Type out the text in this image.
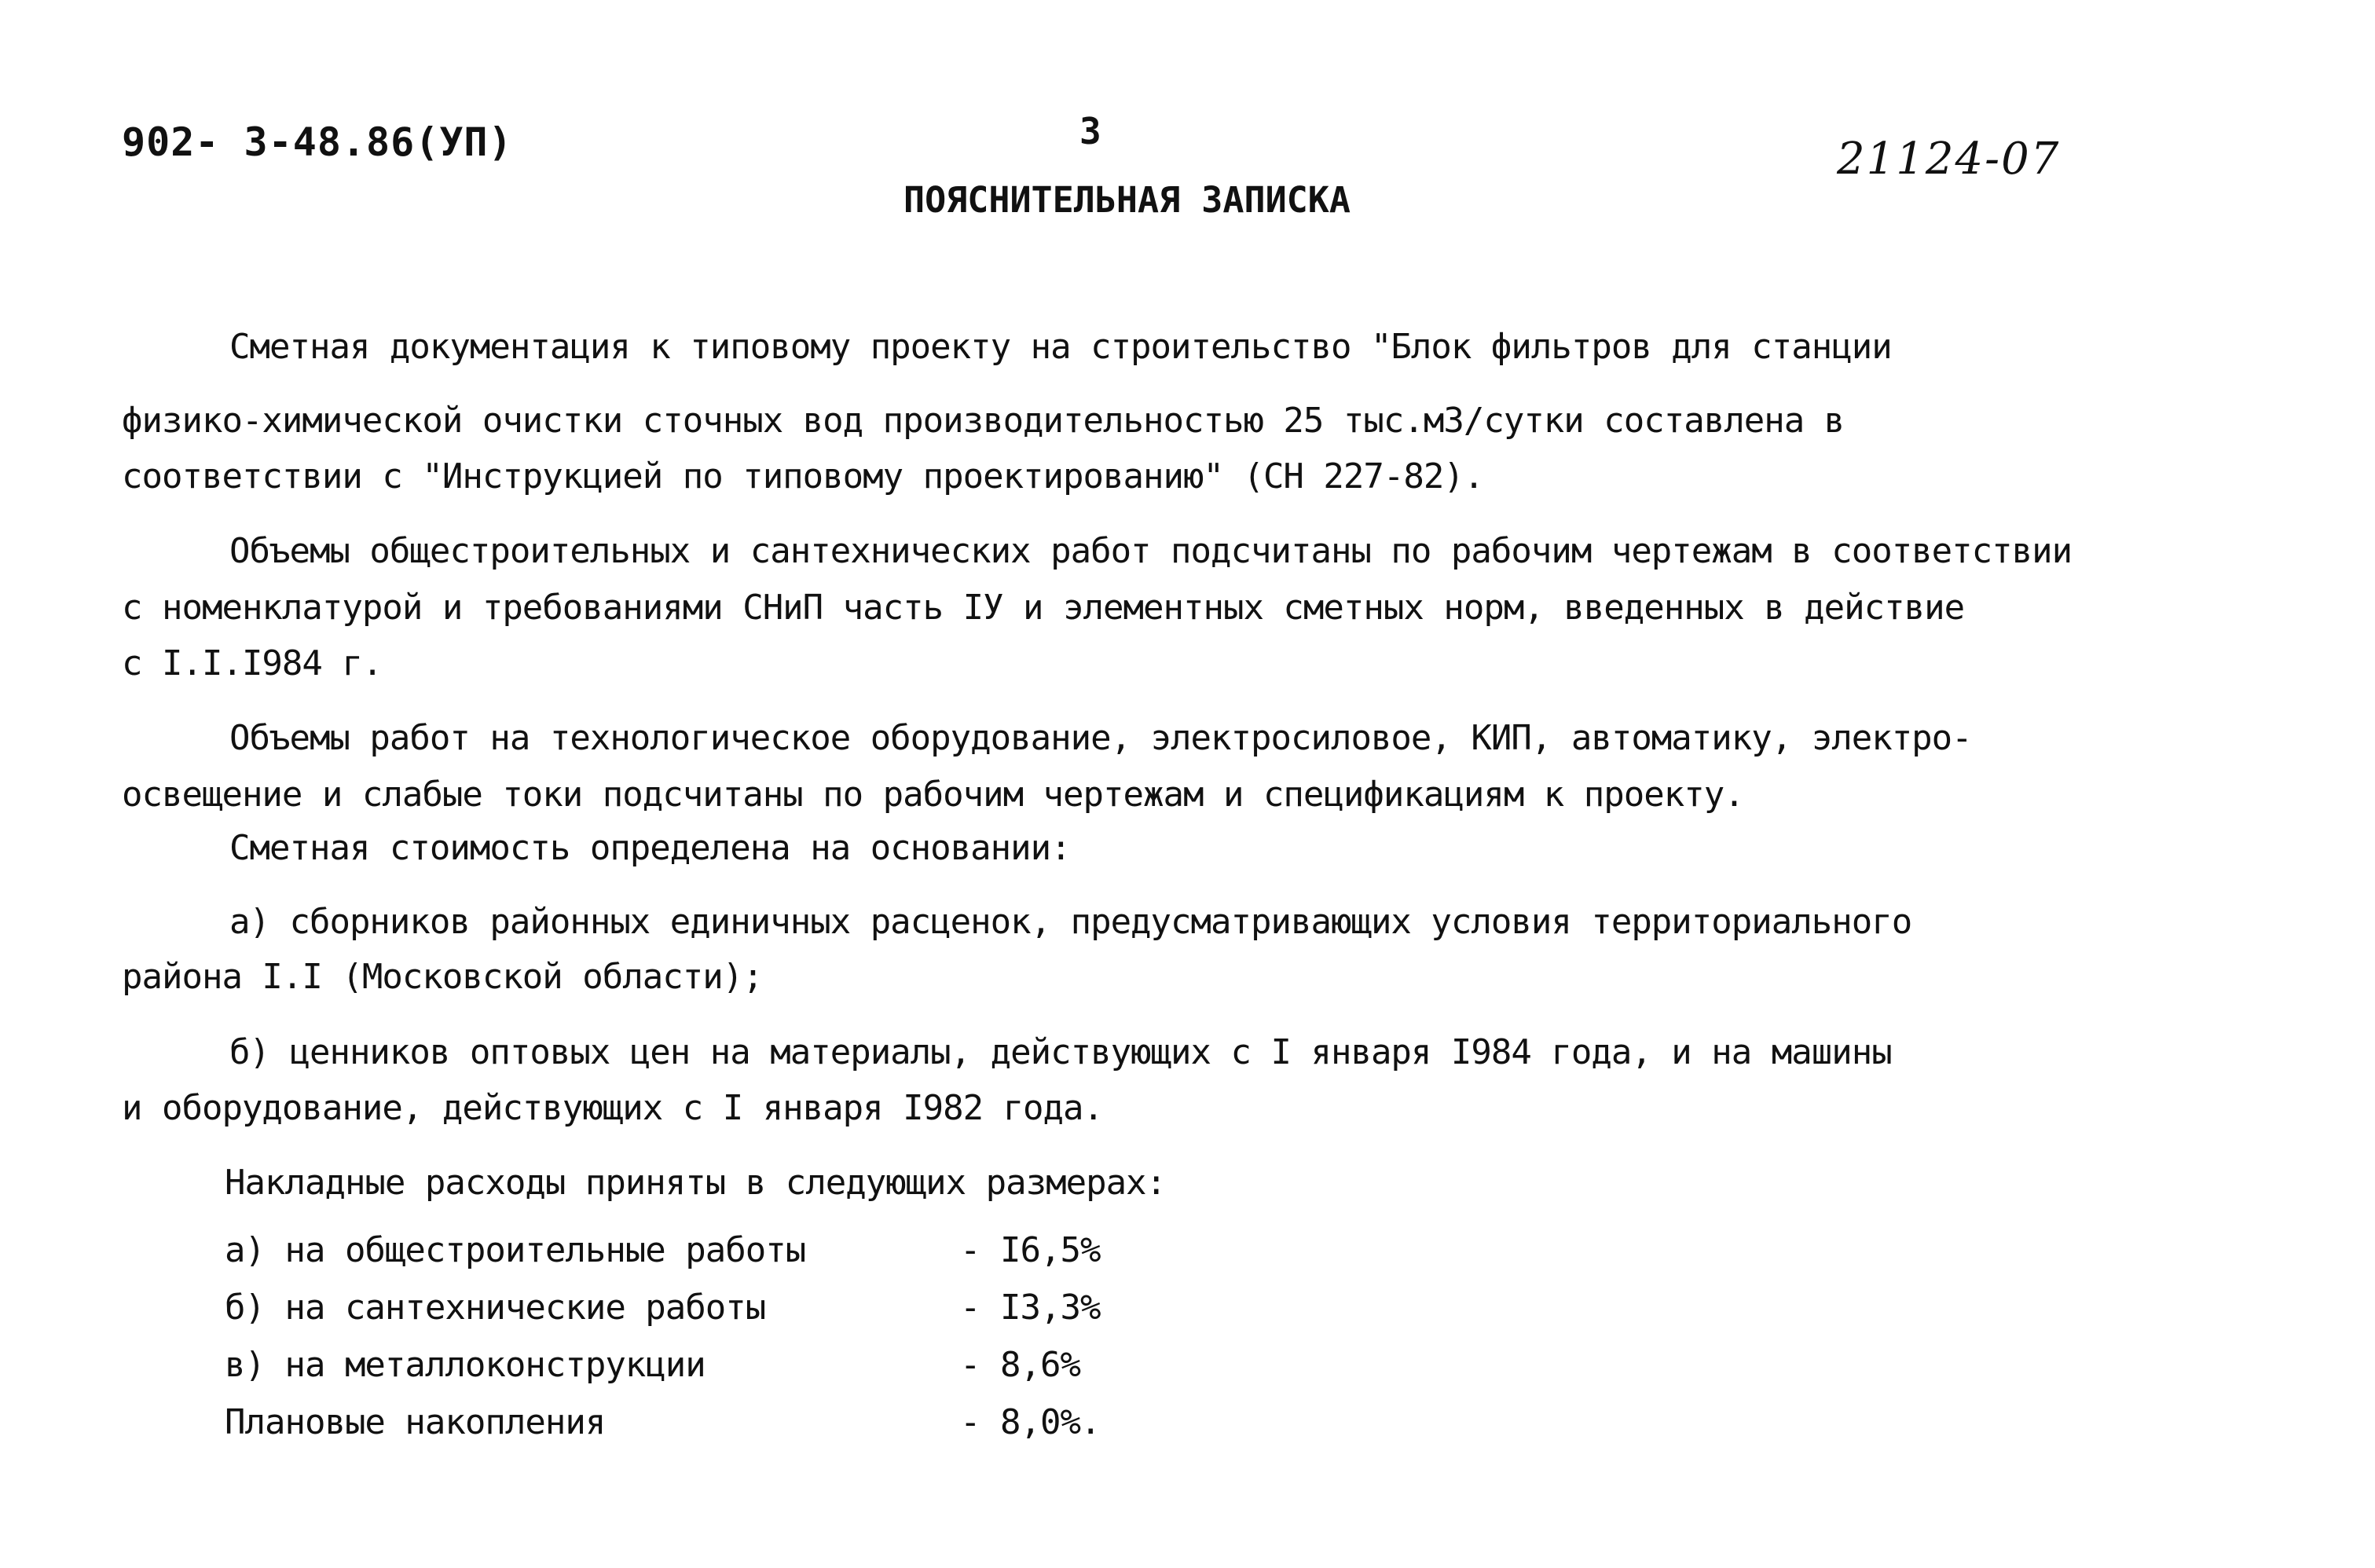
902- 3-48.86(УП)	3
ПОЯСНИТЕЛЬНАЯ ЗАПИСКА
21124-07
Сметная документация к типовому проекту на строительство "Блок фильтров для станции
физико-химической очистки сточных вод производительностью 25 тыс.м3/сутки составлена в
соответствии с "Инструкцией по типовому проектированию" (СН 227-82).
Объемы общестроительных и сантехнических работ подсчитаны по рабочим чертежам в соответствии
с номенклатурой и требованиями СНиП часть IУ и элементных сметных норм, введенных в действие
с I.I.I984 г.
Объемы работ на технологическое оборудование, электросиловое, КИП, автоматику, электро-
освещение и слабые токи подсчитаны по рабочим чертежам и спецификациям к проекту.
Сметная стоимость определена на основании:
а) сборников районных единичных расценок, предусматривающих условия территориального
района I.I (Московской области);
б) ценников оптовых цен на материалы, действующих с I января I984 года, и на машины
и оборудование, действующих с I января I982 года.
Накладные расходы приняты в следующих размерах:
а) на общестроительные работы	- I6,5%
б) на сантехнические работы	- I3,3%
в) на металлоконструкции	- 8,6%
Плановые накопления	- 8,0%.
